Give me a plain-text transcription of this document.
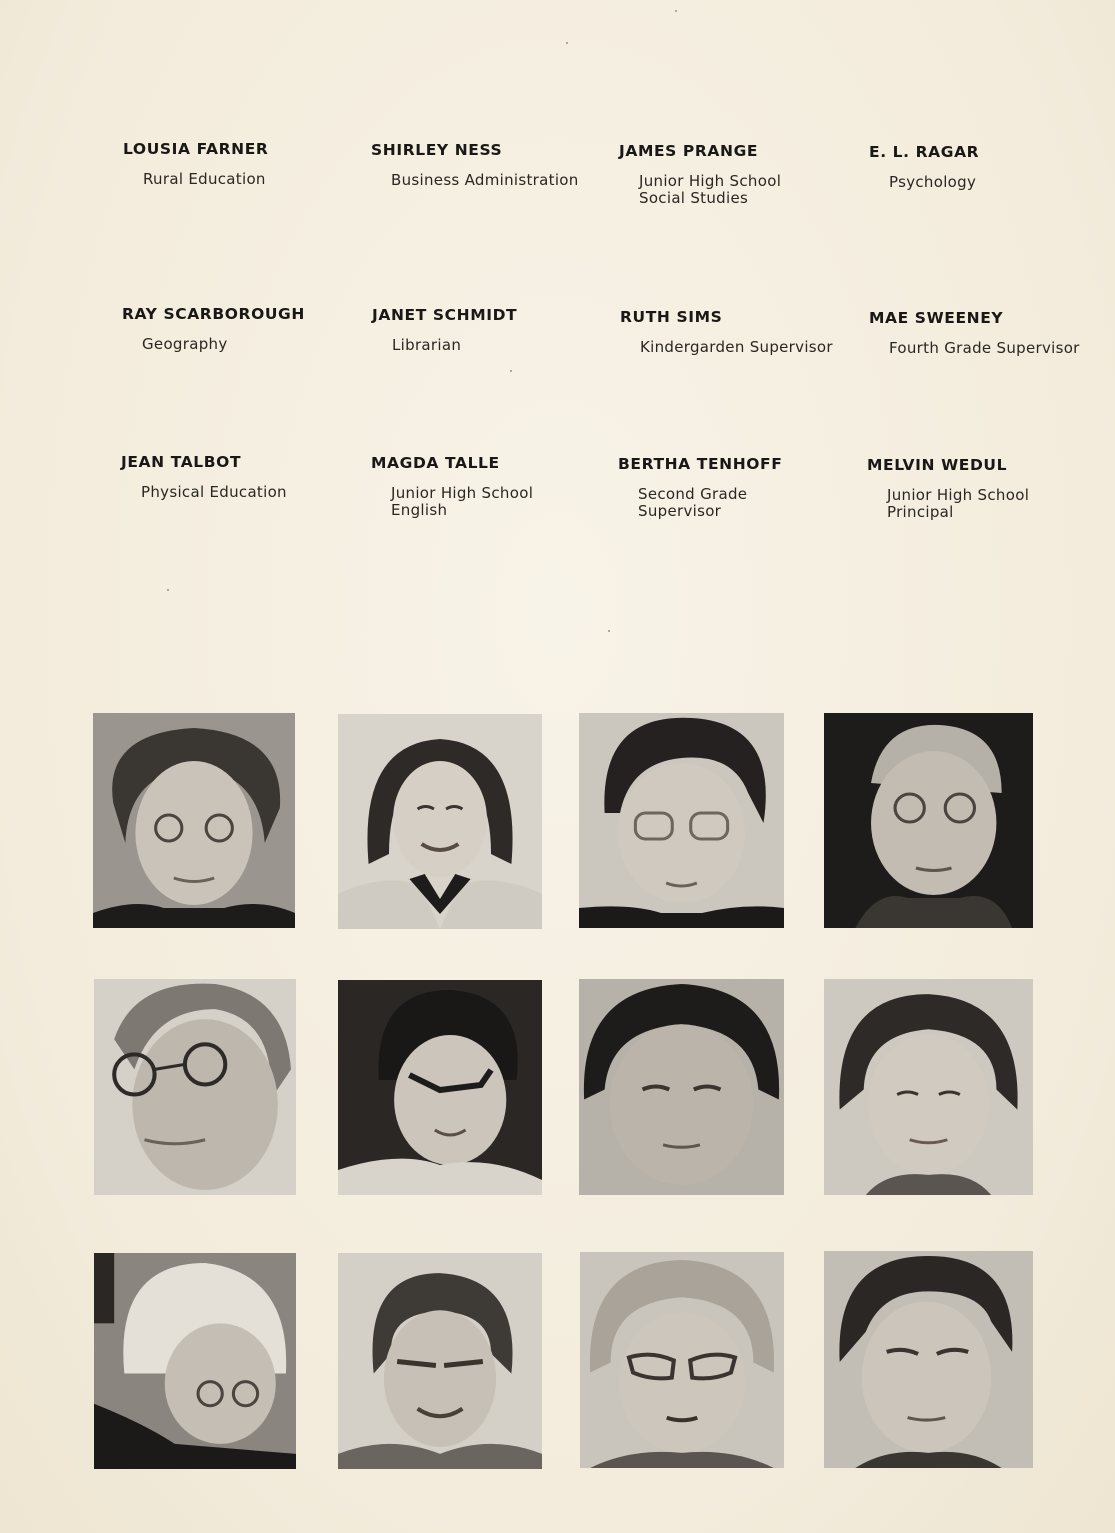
LOUSIA FARNER
Rural Education
SHIRLEY NESS
Business Administration
JAMES PRANGE
Junior High School
Social Studies
E. L. RAGAR
Psychology
RAY SCARBOROUGH
Geography
JANET SCHMIDT
Librarian
RUTH SIMS
Kindergarden Supervisor
MAE SWEENEY
Fourth Grade Supervisor
JEAN TALBOT
Physical Education
MAGDA TALLE
Junior High School
English
BERTHA TENHOFF
Second Grade
Supervisor
MELVIN WEDUL
Junior High School
Principal
